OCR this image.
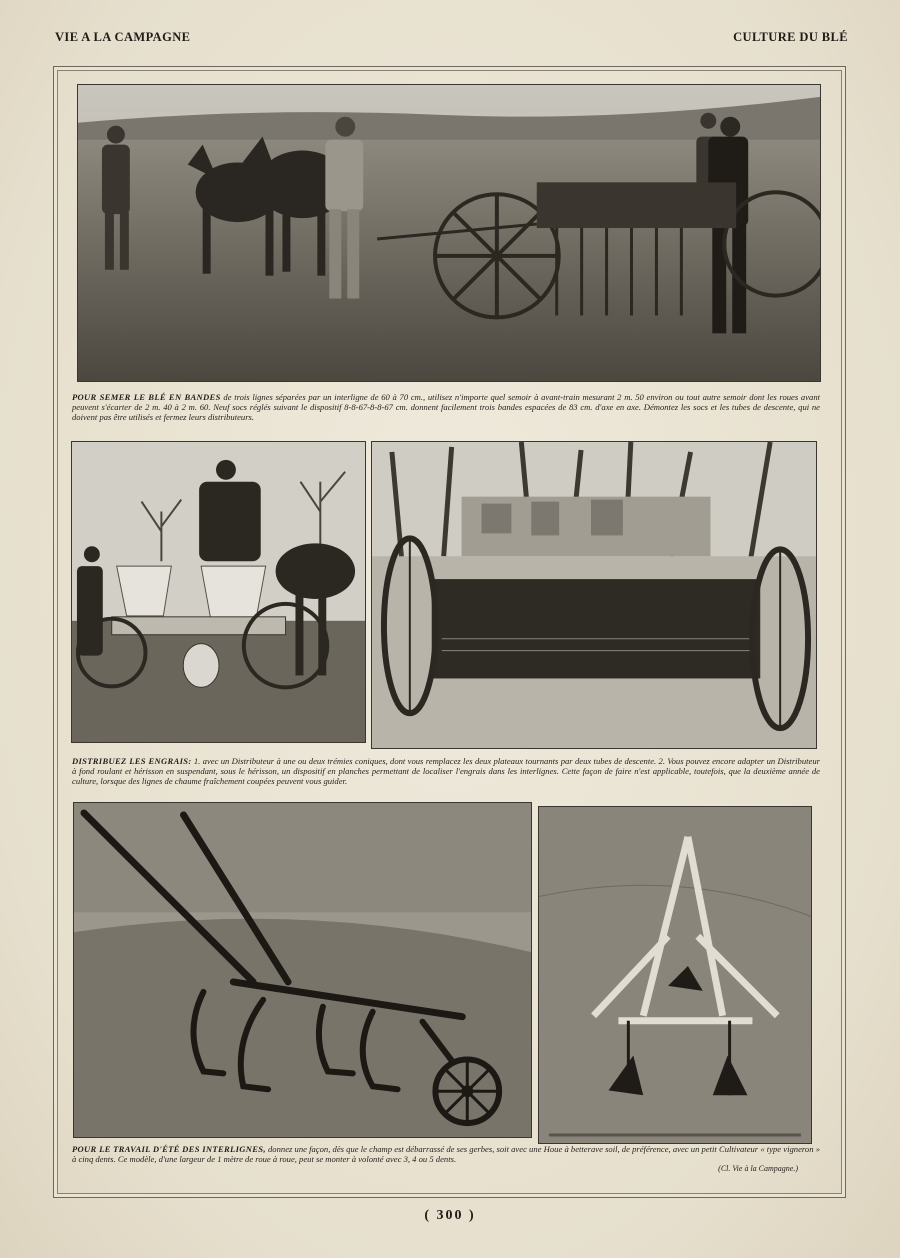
VIE A LA CAMPAGNE	CULTURE DU BLÉ
POUR SEMER LE BLÉ EN BANDES de trois lignes séparées par un interligne de 60 à 70 cm., utilisez n'importe quel semoir à avant-train mesurant 2 m. 50 environ ou tout autre semoir dont les roues avant peuvent s'écarter de 2 m. 40 à 2 m. 60. Neuf socs réglés suivant le dispositif 8-8-67-8-8-67 cm. donnent facilement trois bandes espacées de 83 cm. d'axe en axe. Démontez les socs et les tubes de descente, qui ne doivent pas être utilisés et fermez leurs distributeurs.
DISTRIBUEZ LES ENGRAIS: 1. avec un Distributeur à une ou deux trémies coniques, dont vous remplacez les deux plateaux tournants par deux tubes de descente. 2. Vous pouvez encore adapter un Distributeur à fond roulant et hérisson en suspendant, sous le hérisson, un dispositif en planches permettant de localiser l'engrais dans les interlignes. Cette façon de faire n'est applicable, toutefois, que la deuxième année de culture, lorsque des lignes de chaume fraîchement coupées peuvent vous guider.
POUR LE TRAVAIL D'ÉTÉ DES INTERLIGNES, donnez une façon, dès que le champ est débarrassé de ses gerbes, soit avec une Houe à betterave soil, de préférence, avec un petit Cultivateur « type vigneron » à cinq dents. Ce modèle, d'une largeur de 1 mètre de roue à roue, peut se monter à volonté avec 3, 4 ou 5 dents.
(Cl. Vie à la Campagne.)
( 300 )
